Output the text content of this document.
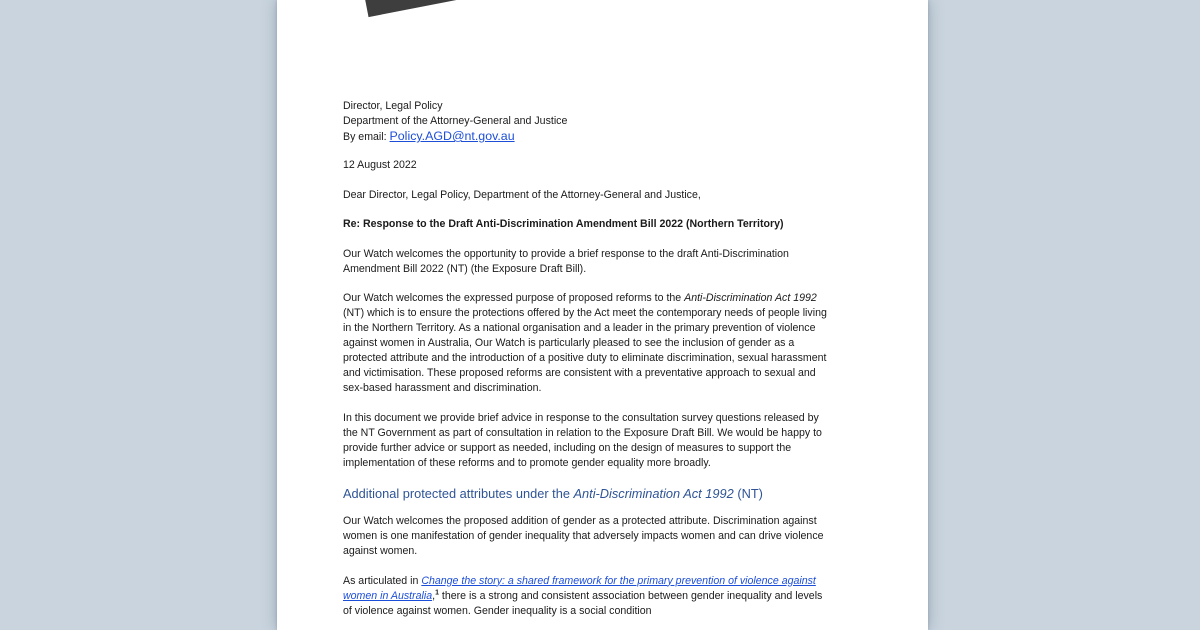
Director, Legal Policy
Department of the Attorney-General and Justice
By email: Policy.AGD@nt.gov.au

12 August 2022

Dear Director, Legal Policy, Department of the Attorney-General and Justice,

Re: Response to the Draft Anti-Discrimination Amendment Bill 2022 (Northern Territory)

Our Watch welcomes the opportunity to provide a brief response to the draft Anti-Discrimination Amendment Bill 2022 (NT) (the Exposure Draft Bill).

Our Watch welcomes the expressed purpose of proposed reforms to the Anti-Discrimination Act 1992 (NT) which is to ensure the protections offered by the Act meet the contemporary needs of people living in the Northern Territory. As a national organisation and a leader in the primary prevention of violence against women in Australia, Our Watch is particularly pleased to see the inclusion of gender as a protected attribute and the introduction of a positive duty to eliminate discrimination, sexual harassment and victimisation. These proposed reforms are consistent with a preventative approach to sexual and sex-based harassment and discrimination.

In this document we provide brief advice in response to the consultation survey questions released by the NT Government as part of consultation in relation to the Exposure Draft Bill. We would be happy to provide further advice or support as needed, including on the design of measures to support the implementation of these reforms and to promote gender equality more broadly.

Additional protected attributes under the Anti-Discrimination Act 1992 (NT)

Our Watch welcomes the proposed addition of gender as a protected attribute. Discrimination against women is one manifestation of gender inequality that adversely impacts women and can drive violence against women.

As articulated in Change the story: a shared framework for the primary prevention of violence against women in Australia,$^1$ there is a strong and consistent association between gender inequality and levels of violence against women. Gender inequality is a social condition
